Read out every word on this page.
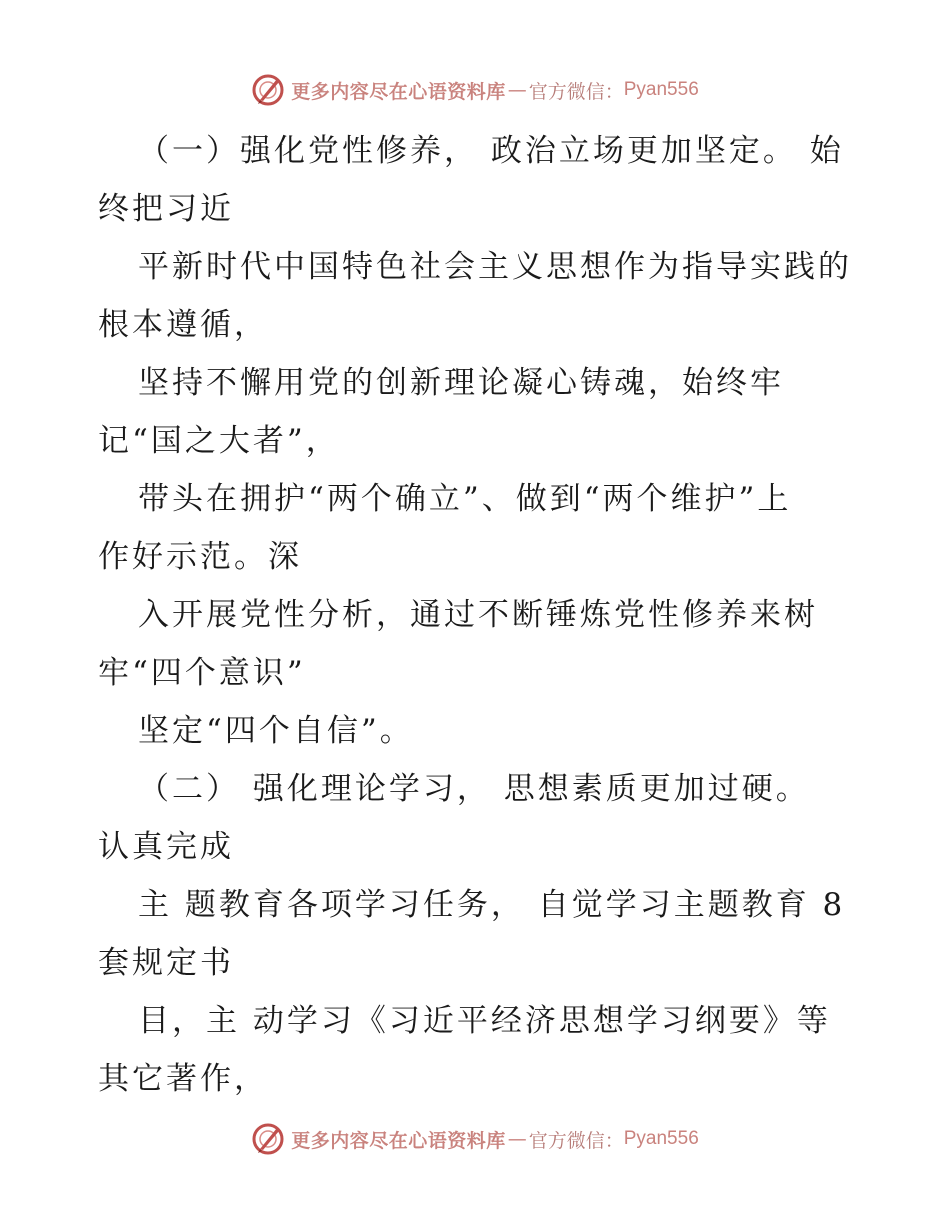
更多内容尽在心语资料库 — 官方微信： Pyan556
（一）强化党性修养， 政治立场更加坚定。 始
终把习近
平新时代中国特色社会主义思想作为指导实践的
根本遵循，
坚持不懈用党的创新理论凝心铸魂，始终牢
记“国之大者”，
带头在拥护“两个确立”、做到“两个维护”上
作好示范。深
入开展党性分析，通过不断锤炼党性修养来树
牢“四个意识”
坚定“四个自信”。
（二） 强化理论学习， 思想素质更加过硬。
认真完成
主 题教育各项学习任务， 自觉学习主题教育 8
套规定书
目，主 动学习《习近平经济思想学习纲要》等
其它著作，
更多内容尽在心语资料库 — 官方微信： Pyan556
